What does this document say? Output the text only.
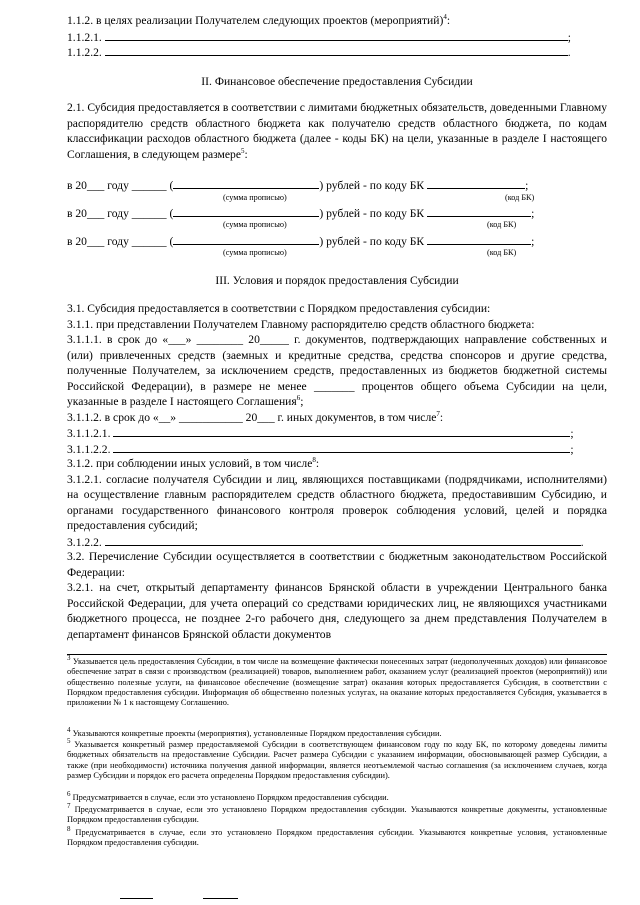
1.1.2. в целях реализации Получателем следующих проектов (мероприятий)$^4$:
1.1.2.1.	;
1.1.2.2.	.
II. Финансовое обеспечение предоставления Субсидии

2.1. Субсидия предоставляется в соответствии с лимитами бюджетных обязательств, доведенными Главному распорядителю средств областного бюджета как получателю средств областного бюджета, по кодам классификации расходов областного бюджета (далее - коды БК) на цели, указанные в разделе I настоящего Соглашения, в следующем размере$^5$:

в 20___ году ______ (	) рублей - по коду БК	;
(сумма прописью)	(код БК)
в 20___ году ______ (	) рублей - по коду БК	;
(сумма прописью)	(код БК)
в 20___ году ______ (	) рублей - по коду БК	;
(сумма прописью)	(код БК)
III. Условия и порядок предоставления Субсидии

3.1. Субсидия предоставляется в соответствии с Порядком предоставления субсидии:

3.1.1. при представлении Получателем Главному распорядителю средств областного бюджета:

3.1.1.1. в срок до «___» ________ 20_____ г. документов, подтверждающих направление собственных и (или) привлеченных средств (заемных и кредитные средства, средства спонсоров и другие средства, полученные Получателем, за исключением средств, предоставленных из бюджетов бюджетной системы Российской Федерации), в размере не менее _______ процентов общего объема Субсидии на цели, указанные в разделе I настоящего Соглашения$^6$;

3.1.1.2. в срок до «__» ___________ 20___ г. иных документов, в том числе$^7$:

3.1.1.2.1.	;
3.1.1.2.2.	;

3.1.2. при соблюдении иных условий, в том числе$^8$:

3.1.2.1. согласие получателя Субсидии и лиц, являющихся поставщиками (подрядчиками, исполнителями) на осуществление главным распорядителем средств областного бюджета, предоставившим Субсидию, и органами государственного финансового контроля проверок соблюдения условий, целей и порядка предоставления субсидий;

3.1.2.2.	.

3.2. Перечисление Субсидии осуществляется в соответствии с бюджетным законодательством Российской Федерации:

3.2.1. на счет, открытый департаменту финансов Брянской области в учреждении Центрального банка Российской Федерации, для учета операций со средствами юридических лиц, не являющихся участниками бюджетного процесса, не позднее 2-го рабочего дня, следующего за днем представления Получателем в департамент финансов Брянской области документов

$^3$ Указывается цель предоставления Субсидии, в том числе на возмещение фактически понесенных затрат (недополученных доходов) или финансовое обеспечение затрат в связи с производством (реализацией) товаров, выполнением работ, оказанием услуг (реализацией проектов (мероприятий)) или общественно полезные услуги, на финансовое обеспечение (возмещение затрат) оказания которых предоставляется Субсидия, в соответствии с Порядком предоставления субсидии. Информация об общественно полезных услугах, на оказание которых предоставляется Субсидия, указывается в приложении № 1 к настоящему Соглашению.

$^4$ Указываются конкретные проекты (мероприятия), установленные Порядком предоставления субсидии.

$^5$ Указывается конкретный размер предоставляемой Субсидии в соответствующем финансовом году по коду БК, по которому доведены лимиты бюджетных обязательств на предоставление Субсидии. Расчет размера Субсидии с указанием информации, обосновывающей размер Субсидии, а также (при необходимости) источника получения данной информации, является неотъемлемой частью соглашения (за исключением случаев, когда размер Субсидии и порядок его расчета определены Порядком предоставления субсидии).

$^6$ Предусматривается в случае, если это установлено Порядком предоставления субсидии.

$^7$ Предусматривается в случае, если это установлено Порядком предоставления субсидии. Указываются конкретные документы, установленные Порядком предоставления субсидии.

$^8$ Предусматривается в случае, если это установлено Порядком предоставления субсидии. Указываются конкретные условия, установленные Порядком предоставления субсидии.
